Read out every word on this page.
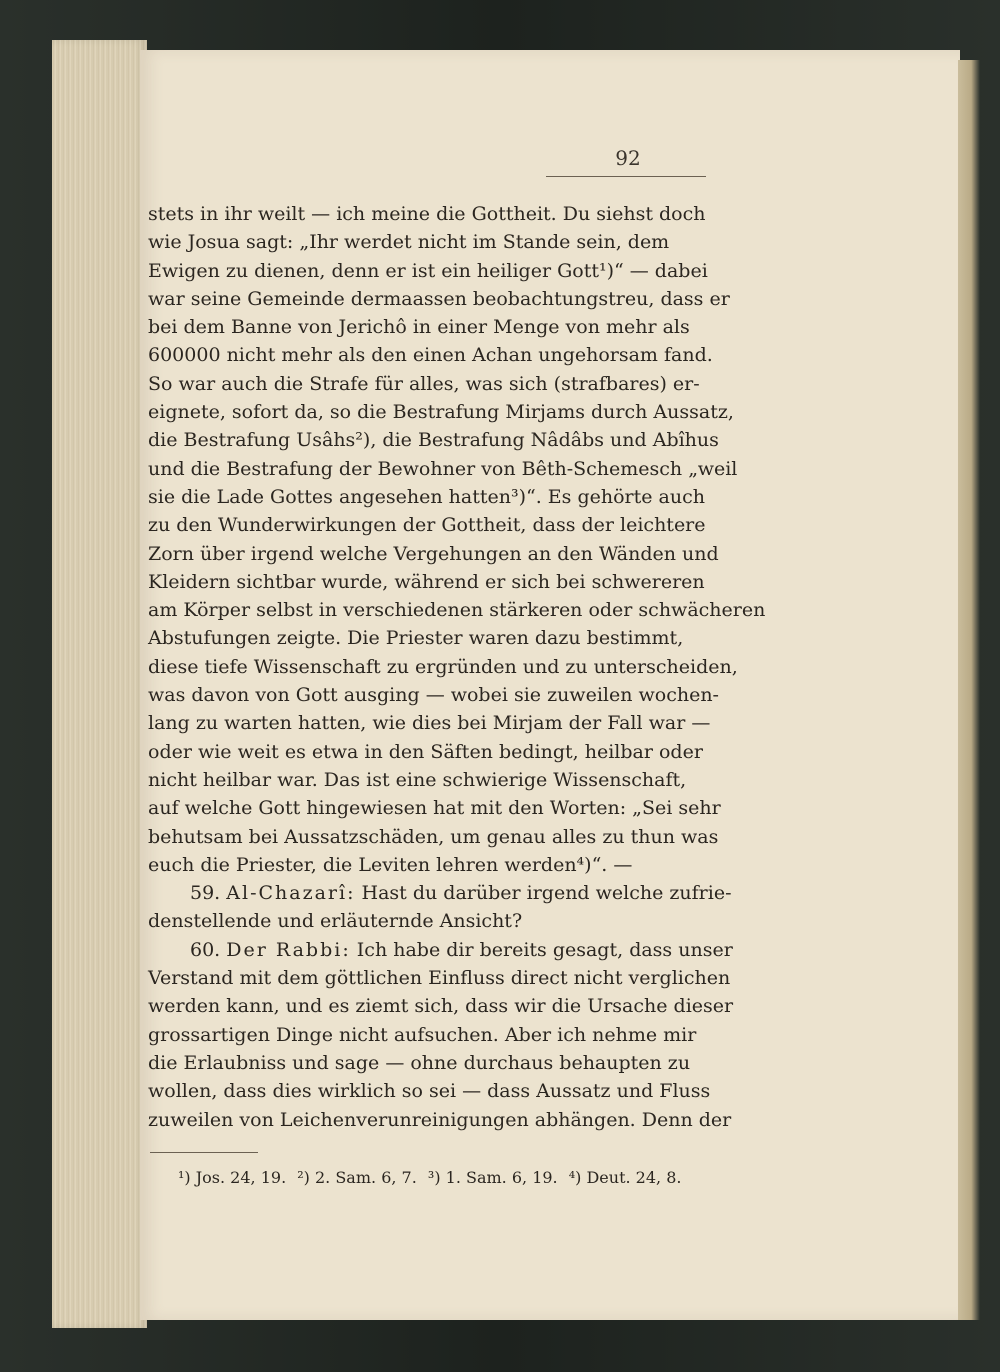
92
stets in ihr weilt — ich meine die Gottheit. Du siehst doch
wie Josua sagt: „Ihr werdet nicht im Stande sein, dem
Ewigen zu dienen, denn er ist ein heiliger Gott¹)“ — dabei
war seine Gemeinde dermaassen beobachtungstreu, dass er
bei dem Banne von Jerichô in einer Menge von mehr als
600000 nicht mehr als den einen Achan ungehorsam fand.
So war auch die Strafe für alles, was sich (strafbares) er-
eignete, sofort da, so die Bestrafung Mirjams durch Aussatz,
die Bestrafung Usâhs²), die Bestrafung Nâdâbs und Abîhus
und die Bestrafung der Bewohner von Bêth-Schemesch „weil
sie die Lade Gottes angesehen hatten³)“. Es gehörte auch
zu den Wunderwirkungen der Gottheit, dass der leichtere
Zorn über irgend welche Vergehungen an den Wänden und
Kleidern sichtbar wurde, während er sich bei schwereren
am Körper selbst in verschiedenen stärkeren oder schwächeren
Abstufungen zeigte. Die Priester waren dazu bestimmt,
diese tiefe Wissenschaft zu ergründen und zu unterscheiden,
was davon von Gott ausging — wobei sie zuweilen wochen-
lang zu warten hatten, wie dies bei Mirjam der Fall war —
oder wie weit es etwa in den Säften bedingt, heilbar oder
nicht heilbar war. Das ist eine schwierige Wissenschaft,
auf welche Gott hingewiesen hat mit den Worten: „Sei sehr
behutsam bei Aussatzschäden, um genau alles zu thun was
euch die Priester, die Leviten lehren werden⁴)“. —
59. Al-Chazarî: Hast du darüber irgend welche zufrie-
denstellende und erläuternde Ansicht?
60. Der Rabbi: Ich habe dir bereits gesagt, dass unser
Verstand mit dem göttlichen Einfluss direct nicht verglichen
werden kann, und es ziemt sich, dass wir die Ursache dieser
grossartigen Dinge nicht aufsuchen. Aber ich nehme mir
die Erlaubniss und sage — ohne durchaus behaupten zu
wollen, dass dies wirklich so sei — dass Aussatz und Fluss
zuweilen von Leichenverunreinigungen abhängen. Denn der
¹) Jos. 24, 19. ²) 2. Sam. 6, 7. ³) 1. Sam. 6, 19. ⁴) Deut. 24, 8.
